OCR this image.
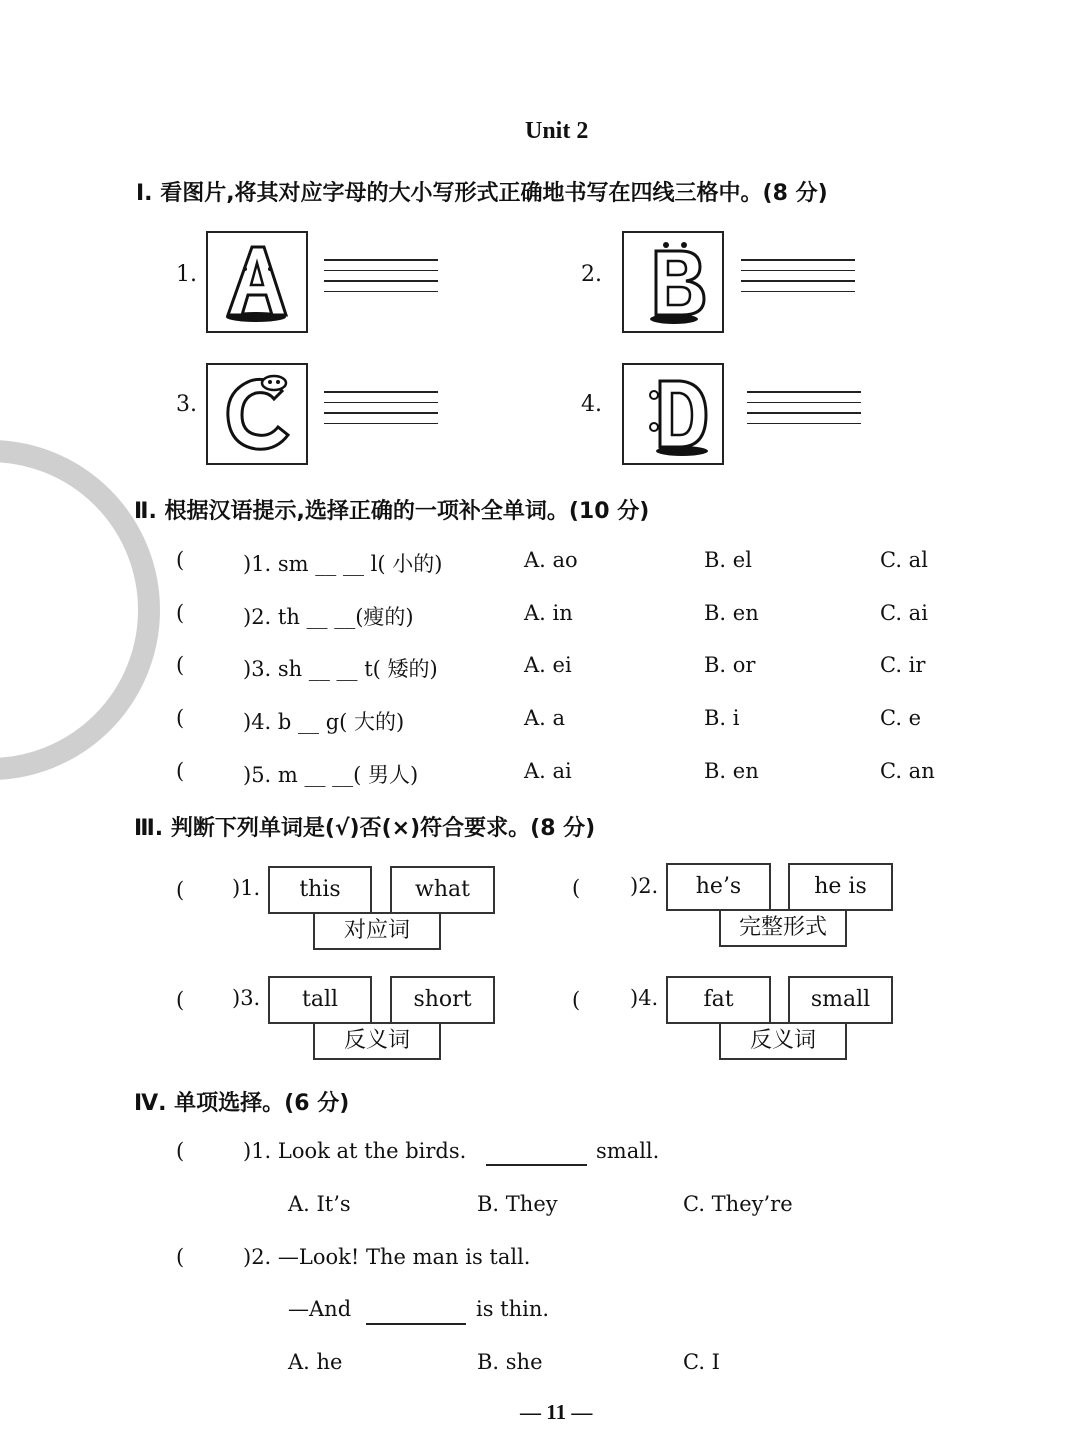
Unit 2
Ⅰ. 看图片,将其对应字母的大小写形式正确地书写在四线三格中。(8 分)
1.	2.
3.	4.
Ⅱ. 根据汉语提示,选择正确的一项补全单词。(10 分)
(	)1. sm __ __ l( 小的)	A. ao	B. el	C. al
(	)2. th __ __(瘦的)	A. in	B. en	C. ai
(	)3. sh __ __ t( 矮的)	A. ei	B. or	C. ir
(	)4. b __ g( 大的)	A. a	B. i	C. e
(	)5. m __ __( 男人)	A. ai	B. en	C. an
Ⅲ. 判断下列单词是(√)否(×)符合要求。(8 分)
( )1.	this	what
对应词
( )2.	he’s	he is
完整形式
( )3.	tall	short
反义词
( )4.	fat	small
反义词
Ⅳ. 单项选择。(6 分)
(	)1. Look at the birds.	small.
A. It’s	B. They	C. They’re
(	)2. —Look! The man is tall.
—And	is thin.
A. he	B. she	C. I
— 11 —
